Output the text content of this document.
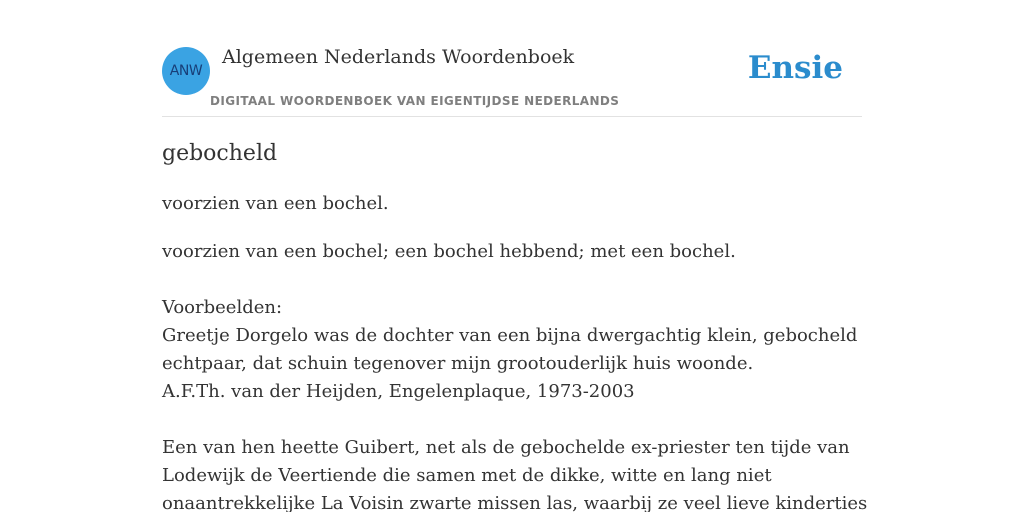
ANW
Algemeen Nederlands Woordenboek
DIGITAAL WOORDENBOEK VAN EIGENTIJDSE NEDERLANDS
Ensie
gebocheld

voorzien van een bochel.

voorzien van een bochel; een bochel hebbend; met een bochel.
Voorbeelden:
Greetje Dorgelo was de dochter van een bijna dwergachtig klein, gebocheld
echtpaar, dat schuin tegenover mijn grootouderlijk huis woonde.
A.F.Th. van der Heijden, Engelenplaque, 1973-2003
Een van hen heette Guibert, net als de gebochelde ex-priester ten tijde van
Lodewijk de Veertiende die samen met de dikke, witte en lang niet
onaantrekkelijke La Voisin zwarte missen las, waarbij ze veel lieve kinderties
